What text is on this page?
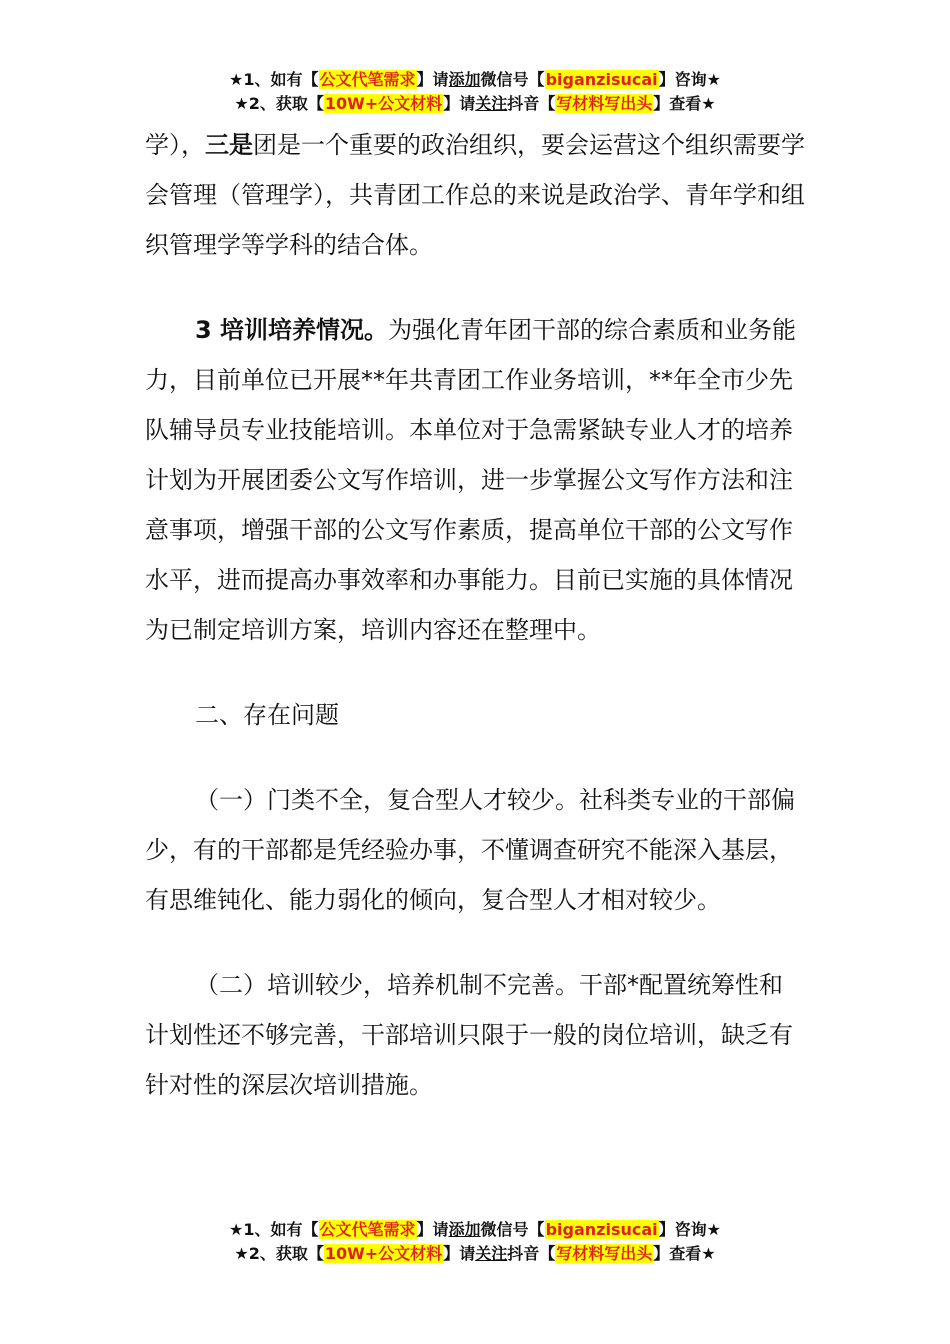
★1、如有【公文代笔需求】请添加微信号【biganzisucai】咨询★
★2、获取【10W+公文材料】请关注抖音【写材料写出头】查看★

学），三是团是一个重要的政治组织，要会运营这个组织需要学会管理（管理学），共青团工作总的来说是政治学、青年学和组织管理学等学科的结合体。

3 培训培养情况。为强化青年团干部的综合素质和业务能力，目前单位已开展**年共青团工作业务培训，**年全市少先队辅导员专业技能培训。本单位对于急需紧缺专业人才的培养计划为开展团委公文写作培训，进一步掌握公文写作方法和注意事项，增强干部的公文写作素质，提高单位干部的公文写作水平，进而提高办事效率和办事能力。目前已实施的具体情况为已制定培训方案，培训内容还在整理中。

二、存在问题

（一）门类不全，复合型人才较少。社科类专业的干部偏少，有的干部都是凭经验办事，不懂调查研究不能深入基层，有思维钝化、能力弱化的倾向，复合型人才相对较少。

（二）培训较少，培养机制不完善。干部*配置统筹性和计划性还不够完善，干部培训只限于一般的岗位培训，缺乏有针对性的深层次培训措施。

★1、如有【公文代笔需求】请添加微信号【biganzisucai】咨询★
★2、获取【10W+公文材料】请关注抖音【写材料写出头】查看★
